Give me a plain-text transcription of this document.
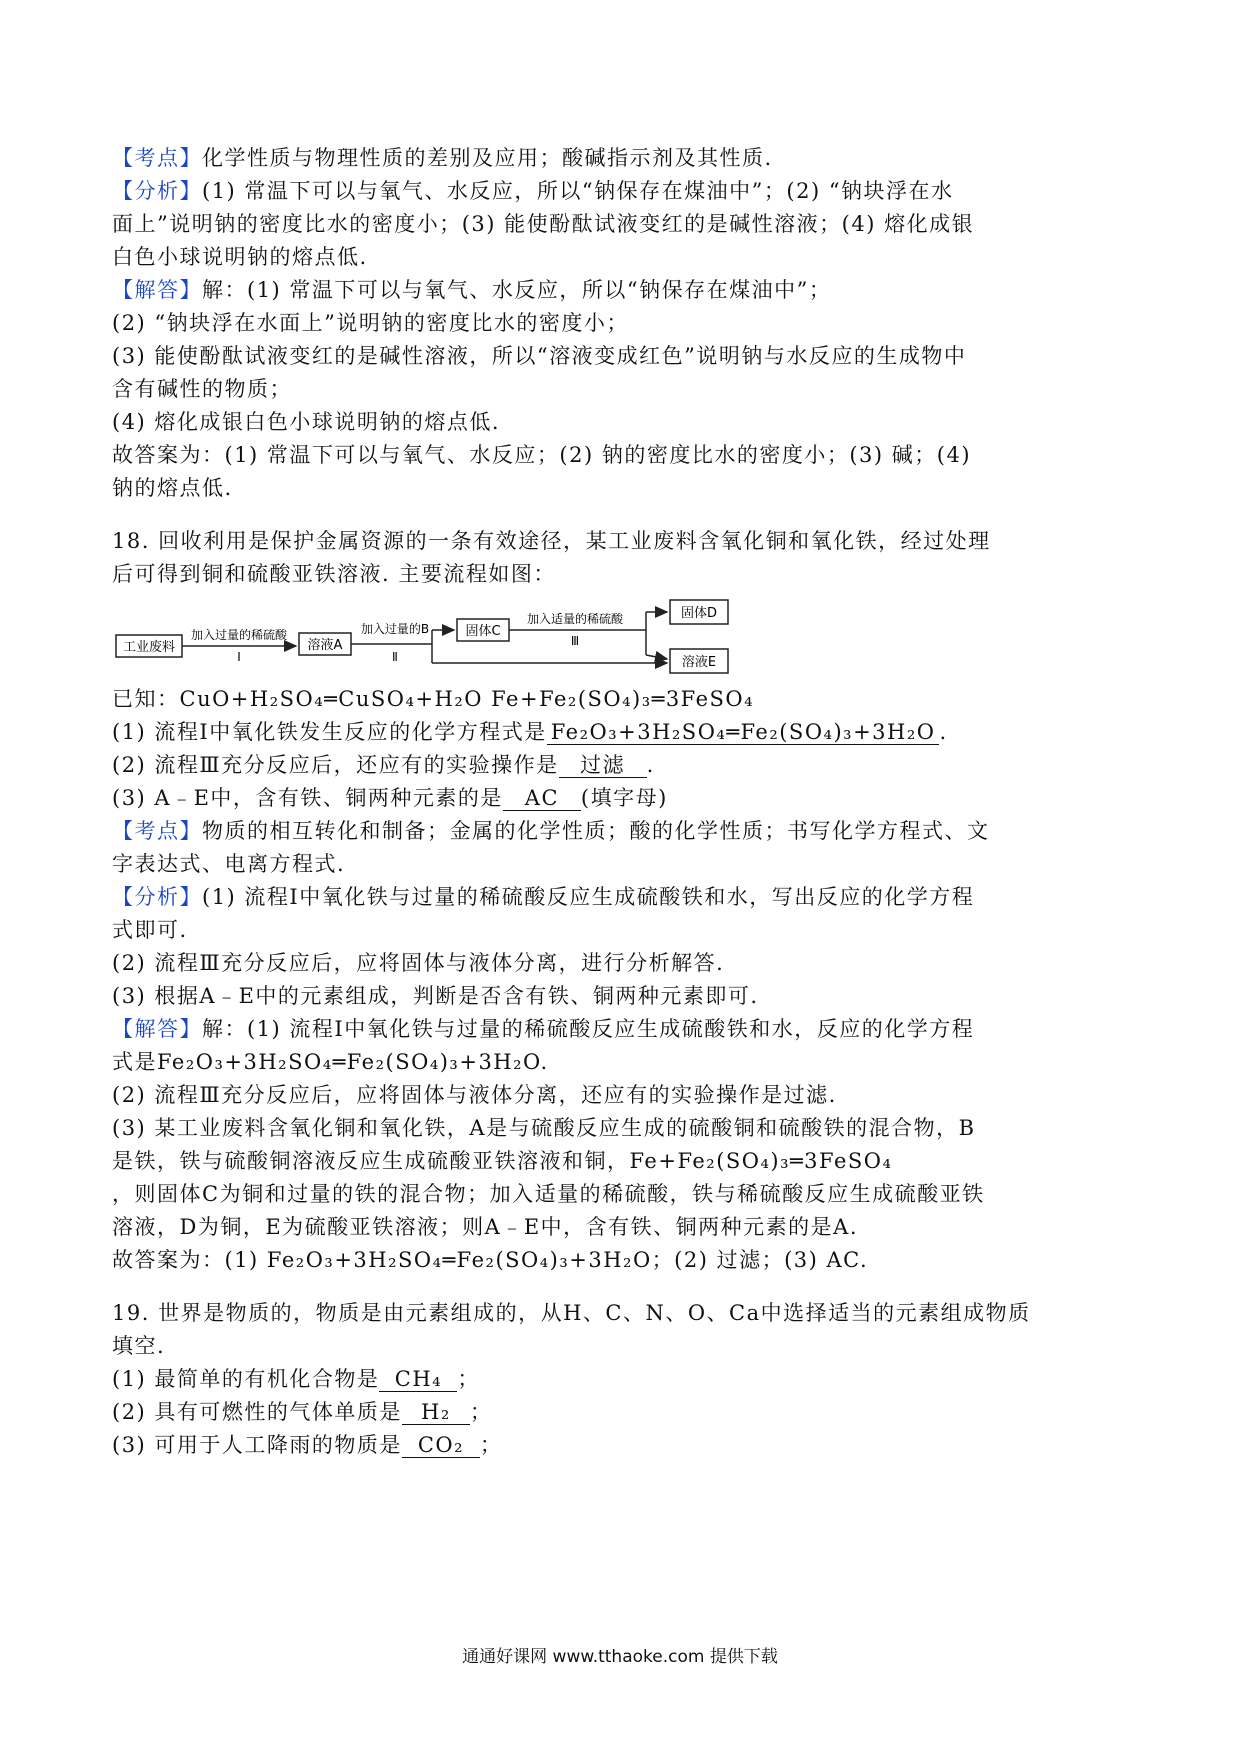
【考点】化学性质与物理性质的差别及应用；酸碱指示剂及其性质.
【分析】(1) 常温下可以与氧气、水反应，所以“钠保存在煤油中”；(2) “钠块浮在水
面上”说明钠的密度比水的密度小；(3) 能使酚酞试液变红的是碱性溶液；(4) 熔化成银
白色小球说明钠的熔点低.
【解答】解：(1) 常温下可以与氧气、水反应，所以“钠保存在煤油中”；
(2) “钠块浮在水面上”说明钠的密度比水的密度小；
(3) 能使酚酞试液变红的是碱性溶液，所以“溶液变成红色”说明钠与水反应的生成物中
含有碱性的物质；
(4) 熔化成银白色小球说明钠的熔点低.
故答案为：(1) 常温下可以与氧气、水反应；(2) 钠的密度比水的密度小；(3) 碱；(4)
钠的熔点低.
18. 回收利用是保护金属资源的一条有效途径，某工业废料含氧化铜和氧化铁，经过处理
后可得到铜和硫酸亚铁溶液. 主要流程如图：
工业废料	溶液A
固体C
固体D
溶液E
加入过量的稀硫酸
Ⅰ
加入过量的B
Ⅱ
加入适量的稀硫酸
Ⅲ
已知：CuO+H₂SO₄═CuSO₄+H₂O Fe+Fe₂(SO₄)₃═3FeSO₄
(1) 流程Ⅰ中氧化铁发生反应的化学方程式是 Fe₂O₃+3H₂SO₄═Fe₂(SO₄)₃+3H₂O .
(2) 流程Ⅲ充分反应后，还应有的实验操作是 过滤 .
(3) A﹣E中，含有铁、铜两种元素的是 AC (填字母)
【考点】物质的相互转化和制备；金属的化学性质；酸的化学性质；书写化学方程式、文
字表达式、电离方程式.
【分析】(1) 流程Ⅰ中氧化铁与过量的稀硫酸反应生成硫酸铁和水，写出反应的化学方程
式即可.
(2) 流程Ⅲ充分反应后，应将固体与液体分离，进行分析解答.
(3) 根据A﹣E中的元素组成，判断是否含有铁、铜两种元素即可.
【解答】解：(1) 流程Ⅰ中氧化铁与过量的稀硫酸反应生成硫酸铁和水，反应的化学方程
式是Fe₂O₃+3H₂SO₄═Fe₂(SO₄)₃+3H₂O.
(2) 流程Ⅲ充分反应后，应将固体与液体分离，还应有的实验操作是过滤.
(3) 某工业废料含氧化铜和氧化铁，A是与硫酸反应生成的硫酸铜和硫酸铁的混合物，B
是铁，铁与硫酸铜溶液反应生成硫酸亚铁溶液和铜，Fe+Fe₂(SO₄)₃═3FeSO₄
，则固体C为铜和过量的铁的混合物；加入适量的稀硫酸，铁与稀硫酸反应生成硫酸亚铁
溶液，D为铜，E为硫酸亚铁溶液；则A﹣E中，含有铁、铜两种元素的是A.
故答案为：(1) Fe₂O₃+3H₂SO₄═Fe₂(SO₄)₃+3H₂O；(2) 过滤；(3) AC.
19. 世界是物质的，物质是由元素组成的，从H、C、N、O、Ca中选择适当的元素组成物质
填空.
(1) 最简单的有机化合物是 CH₄ ；
(2) 具有可燃性的气体单质是 H₂ ；
(3) 可用于人工降雨的物质是 CO₂ ；
通通好课网 www.tthaoke.com 提供下载
